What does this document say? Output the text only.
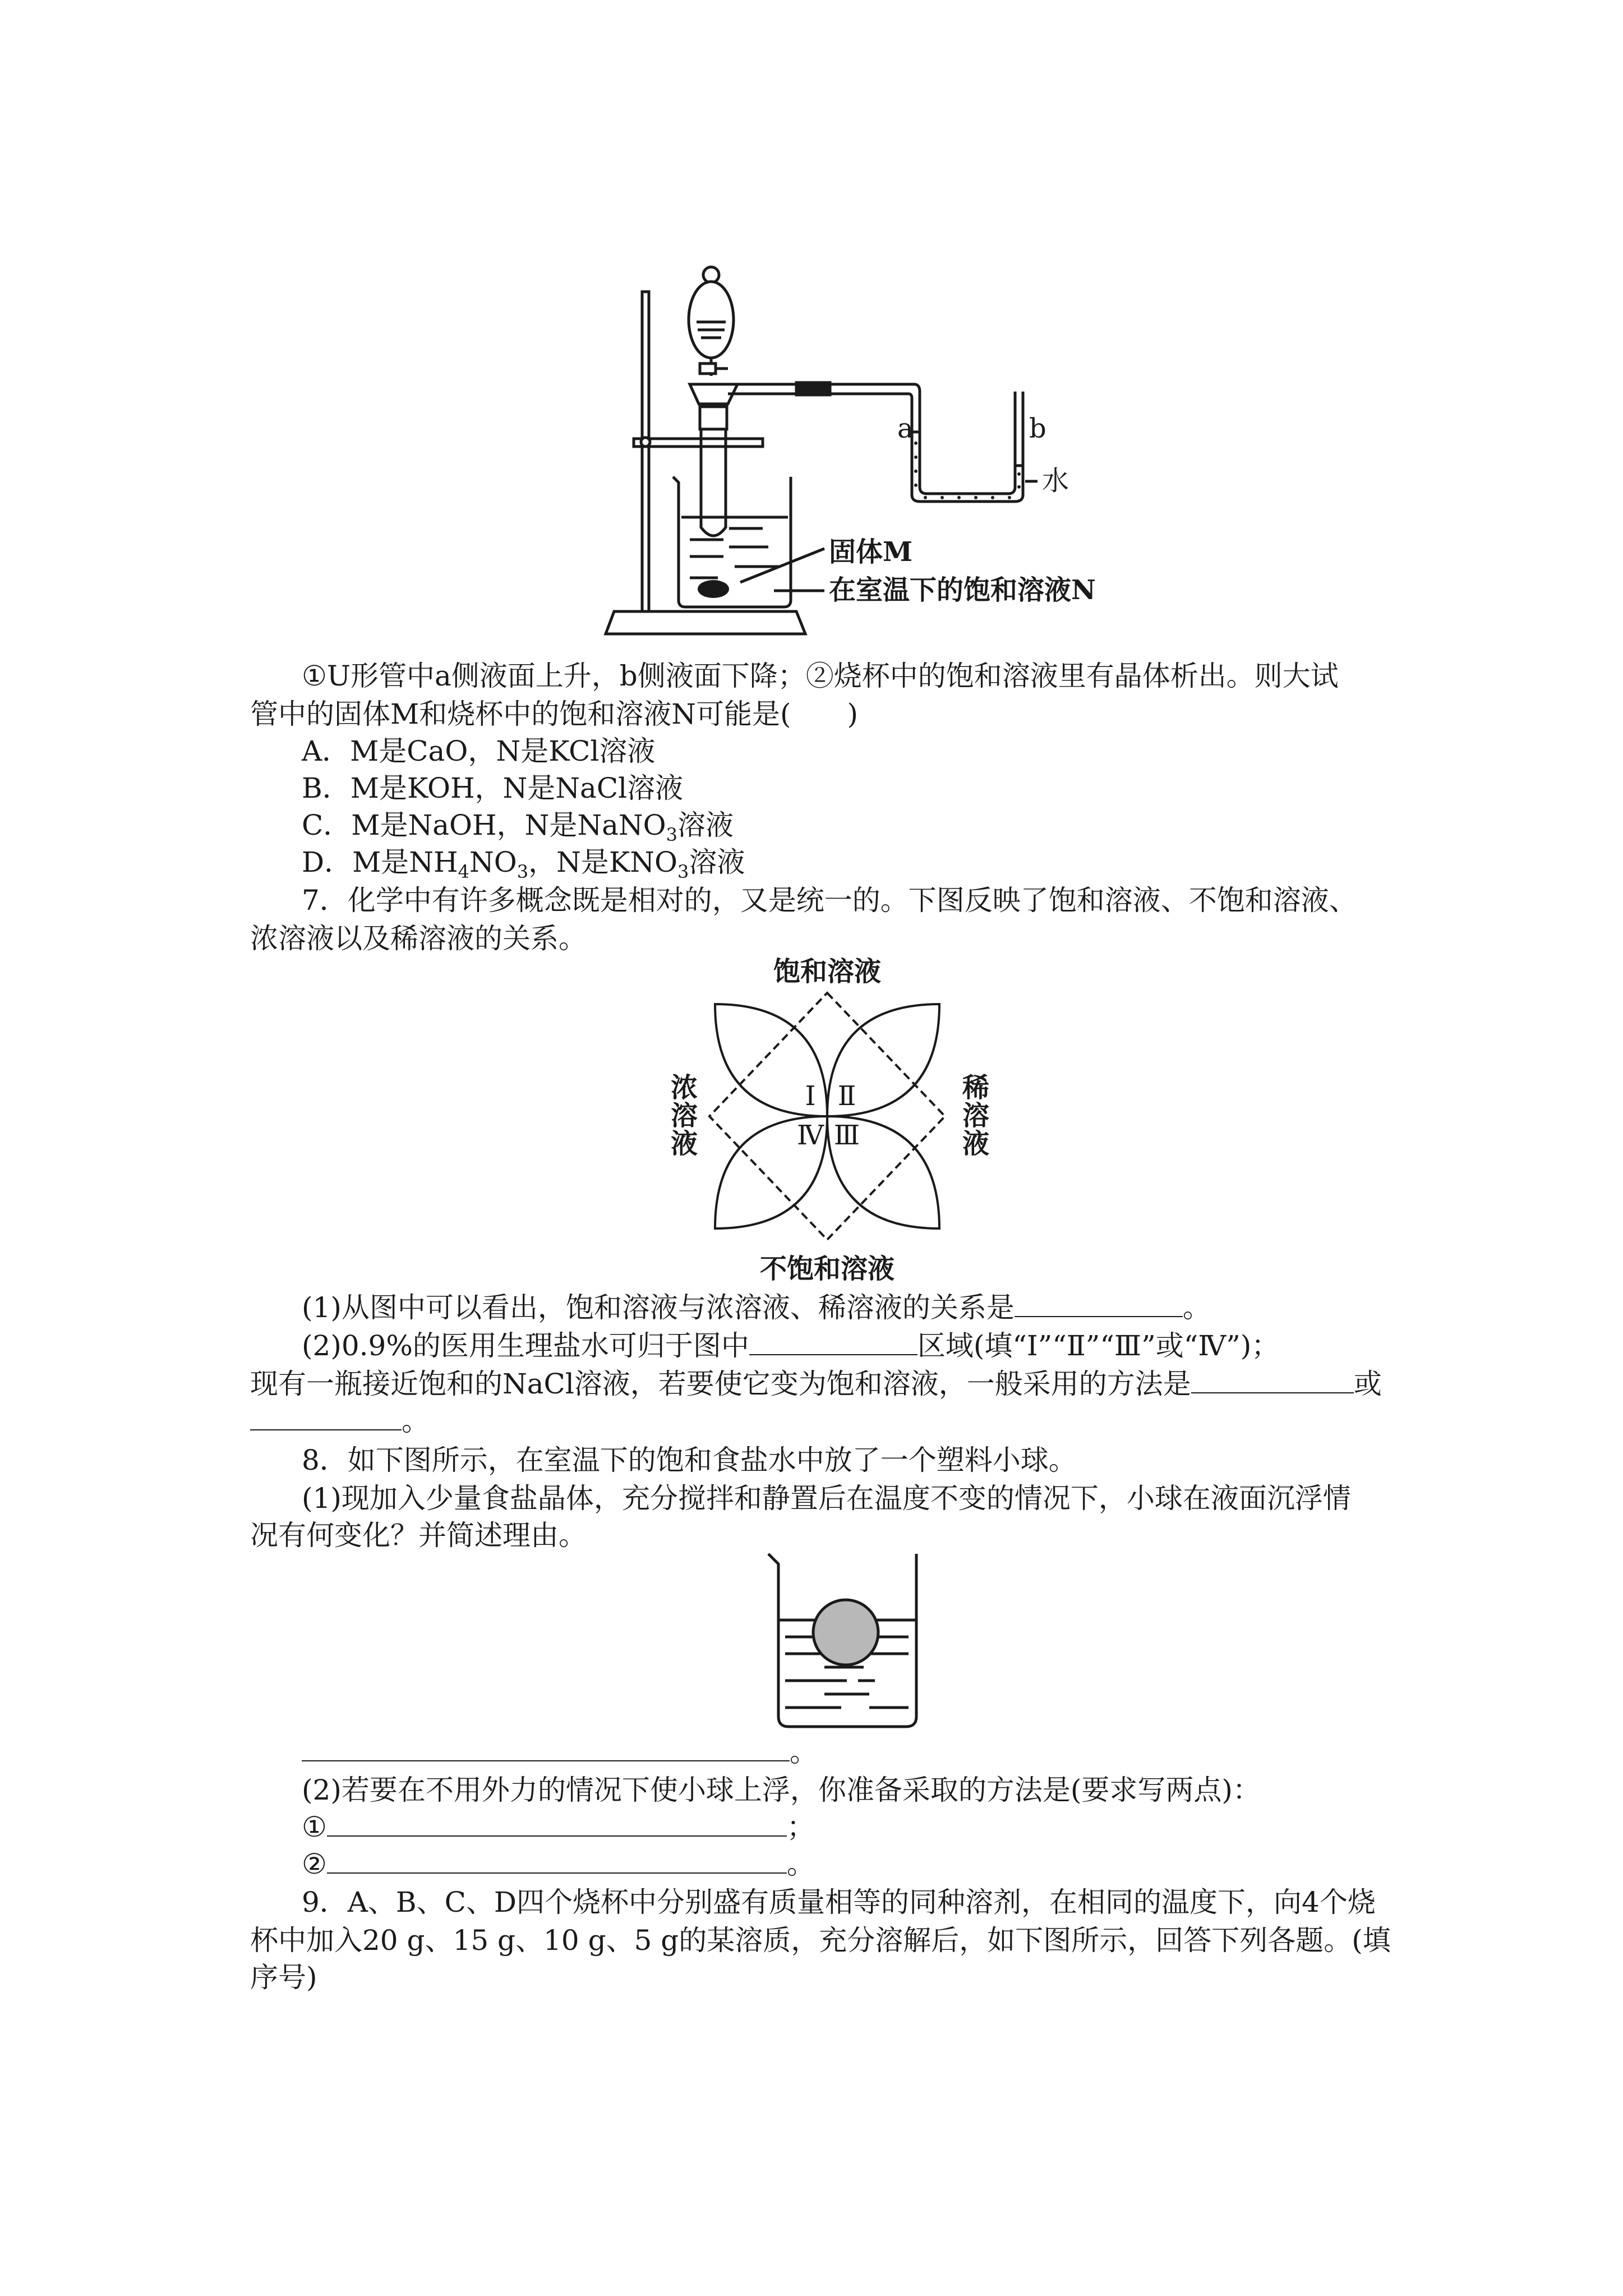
a	b
水
固体M
在室温下的饱和溶液N
①U形管中a侧液面上升，b侧液面下降；②烧杯中的饱和溶液里有晶体析出。则大试
管中的固体M和烧杯中的饱和溶液N可能是(　　)
A．M是CaO，N是KCl溶液
B．M是KOH，N是NaCl溶液
C．M是NaOH，N是NaNO$_3$溶液
D．M是$NH_4NO_3$，N是$KNO_3$溶液
7．化学中有许多概念既是相对的，又是统一的。下图反映了饱和溶液、不饱和溶液、
浓溶液以及稀溶液的关系。
饱和溶液
不饱和溶液
浓
溶
液
稀
溶
液
Ⅰ Ⅱ
Ⅲ
Ⅳ
(1)从图中可以看出，饱和溶液与浓溶液、稀溶液的关系是	。
(2)0.9%的医用生理盐水可归于图中	区域(填“Ⅰ”“Ⅱ”“Ⅲ”或“Ⅳ”)；
现有一瓶接近饱和的NaCl溶液，若要使它变为饱和溶液，一般采用的方法是	或
。
8．如下图所示，在室温下的饱和食盐水中放了一个塑料小球。
(1)现加入少量食盐晶体，充分搅拌和静置后在温度不变的情况下，小球在液面沉浮情
况有何变化？并简述理由。
。
(2)若要在不用外力的情况下使小球上浮，你准备采取的方法是(要求写两点)：
①	；
②	。
9．A、B、C、D四个烧杯中分别盛有质量相等的同种溶剂，在相同的温度下，向4个烧
杯中加入20 g、15 g、10 g、5 g的某溶质，充分溶解后，如下图所示，回答下列各题。(填
序号)
